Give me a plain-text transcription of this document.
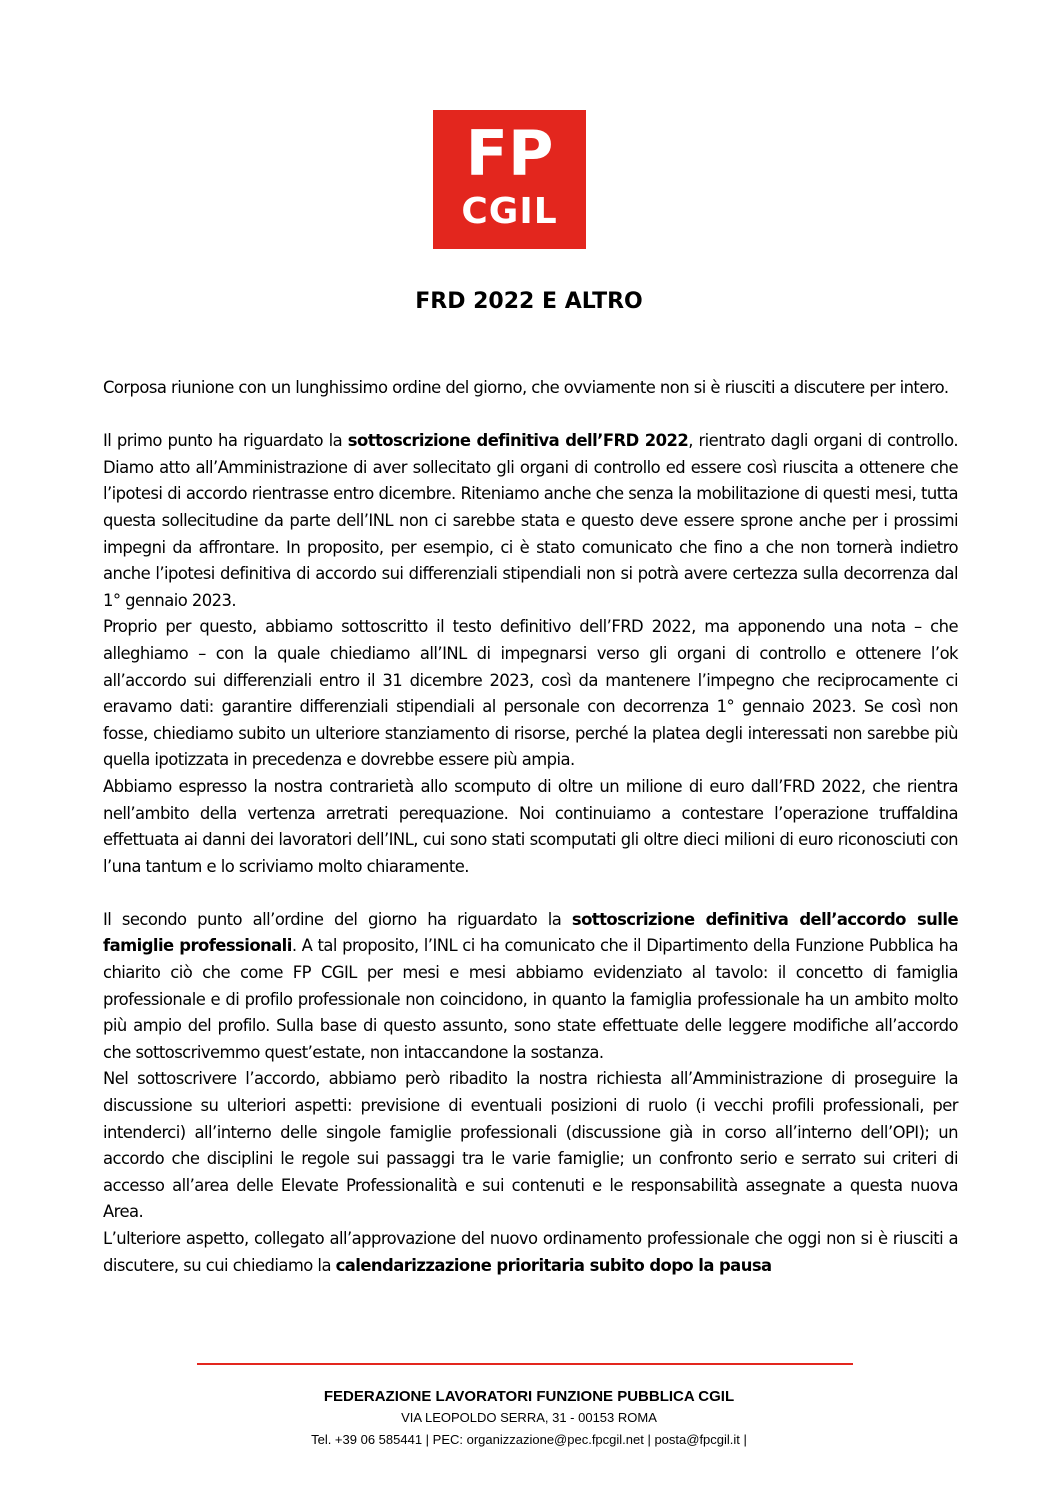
FP
CGIL
FRD 2022 E ALTRO

Corposa riunione con un lunghissimo ordine del giorno, che ovviamente non si è riusciti a discutere per intero.

Il primo punto ha riguardato la sottoscrizione definitiva dell’FRD 2022, rientrato dagli organi di controllo. Diamo atto all’Amministrazione di aver sollecitato gli organi di controllo ed essere così riuscita a ottenere che l’ipotesi di accordo rientrasse entro dicembre. Riteniamo anche che senza la mobilitazione di questi mesi, tutta questa sollecitudine da parte dell’INL non ci sarebbe stata e questo deve essere sprone anche per i prossimi impegni da affrontare. In proposito, per esempio, ci è stato comunicato che fino a che non tornerà indietro anche l’ipotesi definitiva di accordo sui differenziali stipendiali non si potrà avere certezza sulla decorrenza dal 1° gennaio 2023.

Proprio per questo, abbiamo sottoscritto il testo definitivo dell’FRD 2022, ma apponendo una nota – che alleghiamo – con la quale chiediamo all’INL di impegnarsi verso gli organi di controllo e ottenere l’ok all’accordo sui differenziali entro il 31 dicembre 2023, così da mantenere l’impegno che reciprocamente ci eravamo dati: garantire differenziali stipendiali al personale con decorrenza 1° gennaio 2023. Se così non fosse, chiediamo subito un ulteriore stanziamento di risorse, perché la platea degli interessati non sarebbe più quella ipotizzata in precedenza e dovrebbe essere più ampia.

Abbiamo espresso la nostra contrarietà allo scomputo di oltre un milione di euro dall’FRD 2022, che rientra nell’ambito della vertenza arretrati perequazione. Noi continuiamo a contestare l’operazione truffaldina effettuata ai danni dei lavoratori dell’INL, cui sono stati scomputati gli oltre dieci milioni di euro riconosciuti con l’una tantum e lo scriviamo molto chiaramente.

Il secondo punto all’ordine del giorno ha riguardato la sottoscrizione definitiva dell’accordo sulle famiglie professionali. A tal proposito, l’INL ci ha comunicato che il Dipartimento della Funzione Pubblica ha chiarito ciò che come FP CGIL per mesi e mesi abbiamo evidenziato al tavolo: il concetto di famiglia professionale e di profilo professionale non coincidono, in quanto la famiglia professionale ha un ambito molto più ampio del profilo. Sulla base di questo assunto, sono state effettuate delle leggere modifiche all’accordo che sottoscrivemmo quest’estate, non intaccandone la sostanza.

Nel sottoscrivere l’accordo, abbiamo però ribadito la nostra richiesta all’Amministrazione di proseguire la discussione su ulteriori aspetti: previsione di eventuali posizioni di ruolo (i vecchi profili professionali, per intenderci) all’interno delle singole famiglie professionali (discussione già in corso all’interno dell’OPI); un accordo che disciplini le regole sui passaggi tra le varie famiglie; un confronto serio e serrato sui criteri di accesso all’area delle Elevate Professionalità e sui contenuti e le responsabilità assegnate a questa nuova Area.

L’ulteriore aspetto, collegato all’approvazione del nuovo ordinamento professionale che oggi non si è riusciti a discutere, su cui chiediamo la calendarizzazione prioritaria subito dopo la pausa

FEDERAZIONE LAVORATORI FUNZIONE PUBBLICA CGIL
VIA LEOPOLDO SERRA, 31 - 00153 ROMA
Tel. +39 06 585441 | PEC: organizzazione@pec.fpcgil.net | posta@fpcgil.it |
